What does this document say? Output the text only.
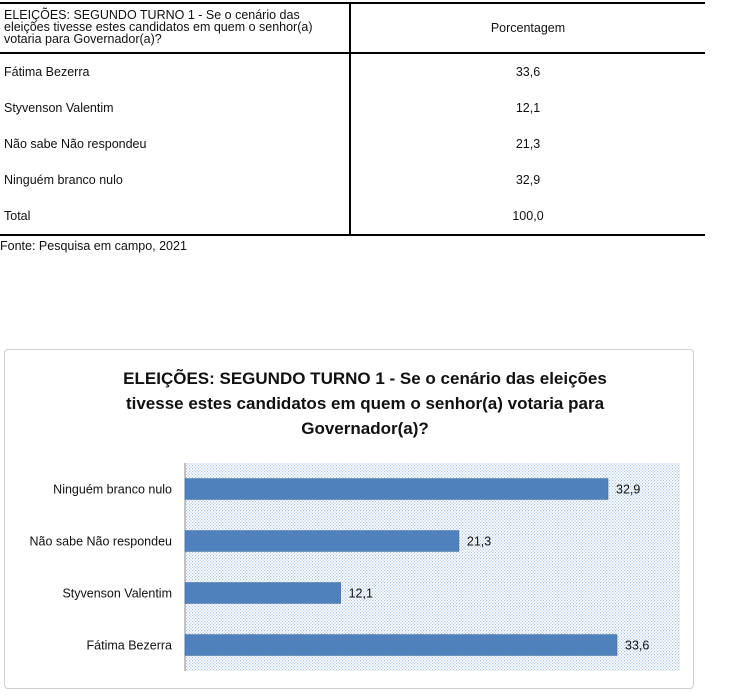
ELEIÇÕES: SEGUNDO TURNO 1 - Se o cenário das eleições tivesse estes candidatos em quem o senhor(a) votaria para Governador(a)?	Porcentagem
Fátima Bezerra	33,6
Styvenson Valentim	12,1
Não sabe Não respondeu	21,3
Ninguém branco nulo	32,9
Total	100,0
Fonte: Pesquisa em campo, 2021
ELEIÇÕES: SEGUNDO TURNO 1 - Se o cenário das eleições
tivesse estes candidatos em quem o senhor(a) votaria para
Governador(a)?
32,9
Ninguém branco nulo
21,3
Não sabe Não respondeu
12,1
Styvenson Valentim
33,6
Fátima Bezerra
